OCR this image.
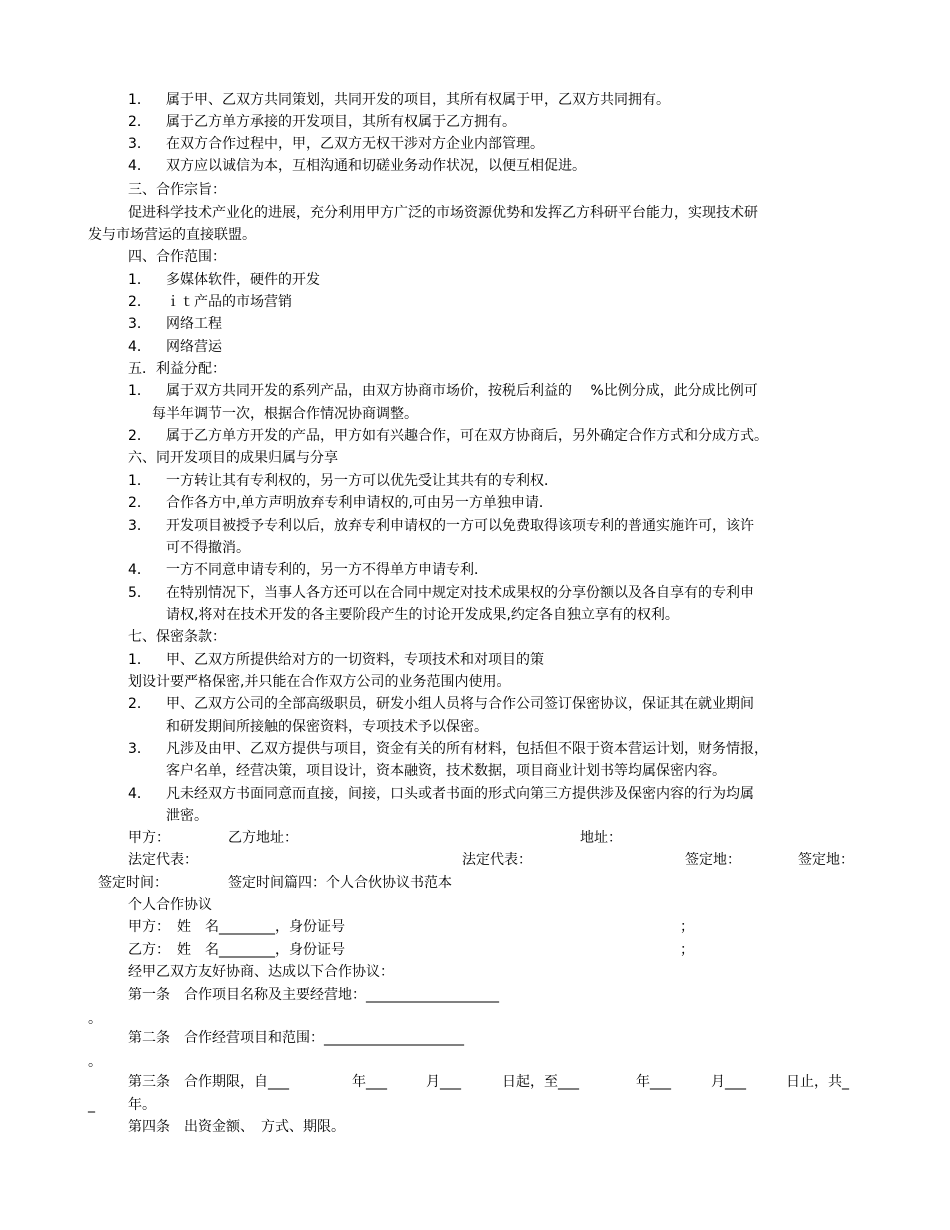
1． 属于甲、乙双方共同策划，共同开发的项目，其所有权属于甲，乙双方共同拥有。
2． 属于乙方单方承接的开发项目，其所有权属于乙方拥有。
3． 在双方合作过程中，甲，乙双方无权干涉对方企业内部管理。
4． 双方应以诚信为本，互相沟通和切磋业务动作状况，以便互相促进。
三、合作宗旨：
促进科学技术产业化的进展，充分利用甲方广泛的市场资源优势和发挥乙方科研平台能力，实现技术研
发与市场营运的直接联盟。
四、合作范围：
1． 多媒体软件，硬件的开发
2． ｉｔ产品的市场营销
3． 网络工程
4． 网络营运
五．利益分配：
1． 属于双方共同开发的系列产品，由双方协商市场价，按税后利益的　 %比例分成，此分成比例可
每半年调节一次，根据合作情况协商调整。
2． 属于乙方单方开发的产品，甲方如有兴趣合作，可在双方协商后，另外确定合作方式和分成方式。
六、同开发项目的成果归属与分享
1． 一方转让其有专利权的，另一方可以优先受让其共有的专利权．
2． 合作各方中,单方声明放弃专利申请权的,可由另一方单独申请．
3． 开发项目被授予专利以后，放弃专利申请权的一方可以免费取得该项专利的普通实施许可，该许
可不得撤消。
4． 一方不同意申请专利的，另一方不得单方申请专利．
5． 在特别情况下，当事人各方还可以在合同中规定对技术成果权的分享份额以及各自享有的专利申
请权,将对在技术开发的各主要阶段产生的讨论开发成果,约定各自独立享有的权利。
七、保密条款：
1． 甲、乙双方所提供给对方的一切资料，专项技术和对项目的策
划设计要严格保密,并只能在合作双方公司的业务范围内使用。
2． 甲、乙双方公司的全部高级职员，研发小组人员将与合作公司签订保密协议，保证其在就业期间
和研发期间所接触的保密资料，专项技术予以保密。
3． 凡涉及由甲、乙双方提供与项目，资金有关的所有材料，包括但不限于资本营运计划，财务情报，
客户名单，经营决策，项目设计，资本融资，技术数据，项目商业计划书等均属保密内容。
4． 凡未经双方书面同意而直接，间接，口头或者书面的形式向第三方提供涉及保密内容的行为均属
泄密。
甲方：	乙方地址：	地址：
法定代表：	法定代表：	签定地：	签定地：
签定时间：	签定时间篇四：个人合伙协议书范本
个人合作协议
甲方：　姓　名________，身份证号	；
乙方：　姓　名________，身份证号	；
经甲乙双方友好协商、达成以下合作协议：
第一条　合作项目名称及主要经营地：___________________
。
第二条　合作经营项目和范围：____________________
。
第三条　合作期限，自___	年___	月___	日起，至___	年___	月___	日止，共_
_ 年。
第四条　出资金额、　方式、期限。
